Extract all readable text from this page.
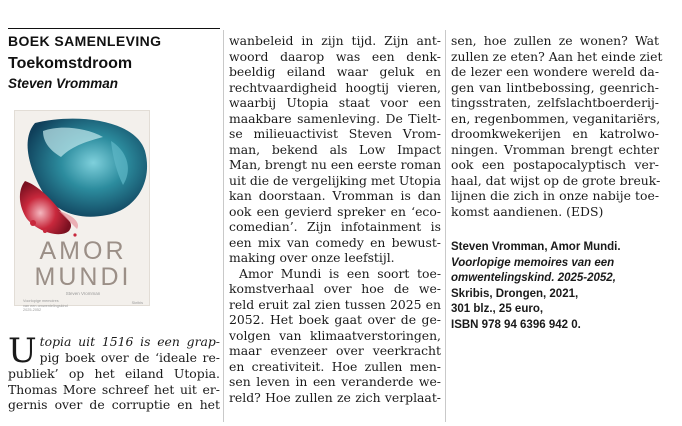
BOEK SAMENLEVING
Toekomstdroom
Steven Vromman
AMOR
MUNDI
Steven Vromman
Voorlopige memoires
van een omwentelingskind
2025-2052
Skribis
U topia uit 1516 is een grap-
pig boek over de ‘ideale re-
publiek’ op het eiland Utopia.
Thomas More schreef het uit er-
gernis over de corruptie en het
wanbeleid in zijn tijd. Zijn ant-
woord daarop was een denk-
beeldig eiland waar geluk en
rechtvaardigheid hoogtij vieren,
waarbij Utopia staat voor een
maakbare samenleving. De Tielt-
se milieuactivist Steven Vrom-
man, bekend als Low Impact
Man, brengt nu een eerste roman
uit die de vergelijking met Utopia
kan doorstaan. Vromman is dan
ook een gevierd spreker en ‘eco-
comedian’. Zijn infotainment is
een mix van comedy en bewust-
making over onze leefstijl.
Amor Mundi is een soort toe-
komstverhaal over hoe de we-
reld eruit zal zien tussen 2025 en
2052. Het boek gaat over de ge-
volgen van klimaatverstoringen,
maar evenzeer over veerkracht
en creativiteit. Hoe zullen men-
sen leven in een veranderde we-
reld? Hoe zullen ze zich verplaat-
sen, hoe zullen ze wonen? Wat
zullen ze eten? Aan het einde ziet
de lezer een wondere wereld da-
gen van lintbebossing, geenrich-
tingsstraten, zelfslachtboerderij-
en, regenbommen, veganitariërs,
droomkwekerijen en katrolwo-
ningen. Vromman brengt echter
ook een postapocalyptisch ver-
haal, dat wijst op de grote breuk-
lijnen die zich in onze nabije toe-
komst aandienen. (EDS)
Steven Vromman, Amor Mundi.
Voorlopige memoires van een
omwentelingskind. 2025-2052,
Skribis, Drongen, 2021,
301 blz., 25 euro,
ISBN 978 94 6396 942 0.
